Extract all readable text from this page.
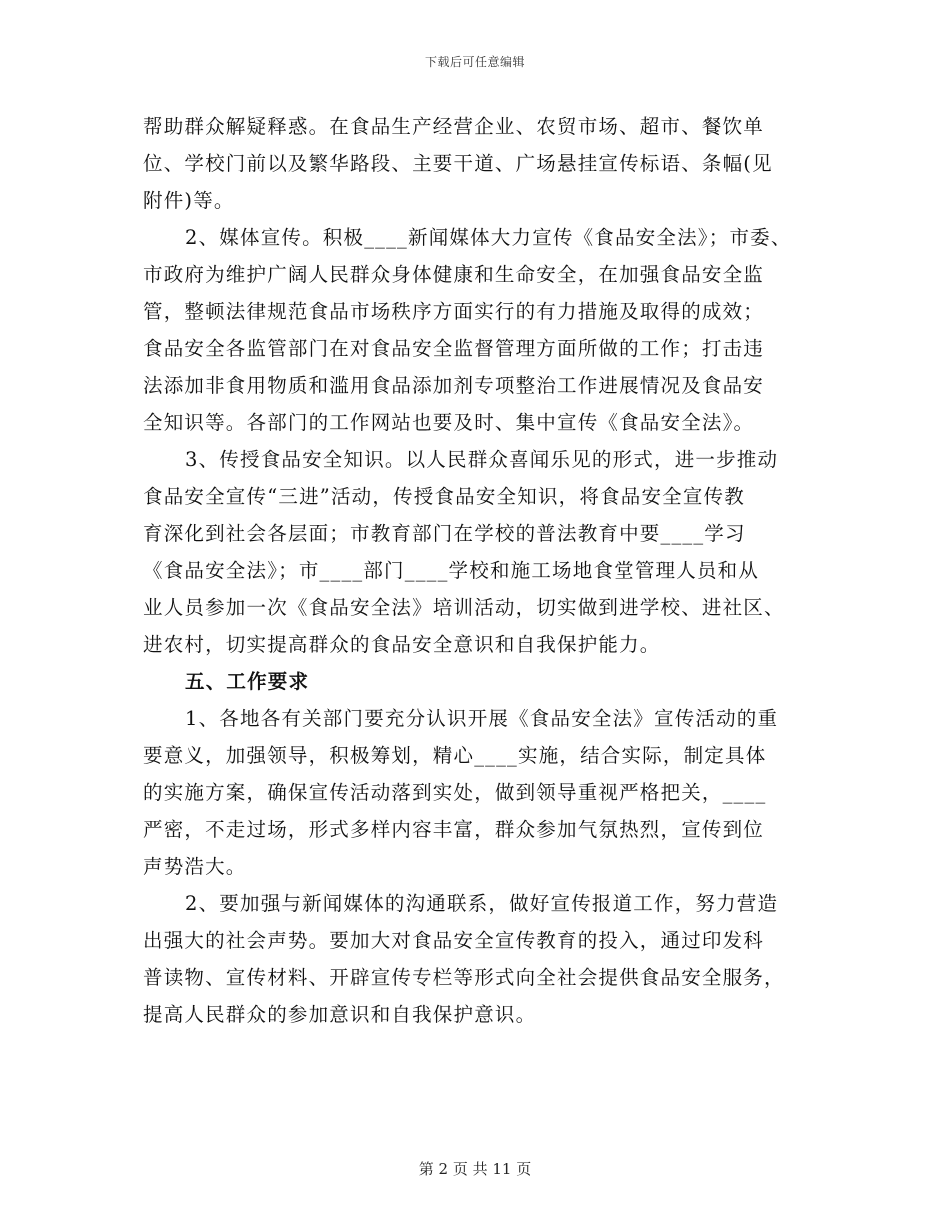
下载后可任意编辑
帮助群众解疑释惑。在食品生产经营企业、农贸市场、超市、餐饮单
位、学校门前以及繁华路段、主要干道、广场悬挂宣传标语、条幅(见
附件)等。
2、媒体宣传。积极____新闻媒体大力宣传《食品安全法》；市委、
市政府为维护广阔人民群众身体健康和生命安全，在加强食品安全监
管，整顿法律规范食品市场秩序方面实行的有力措施及取得的成效；
食品安全各监管部门在对食品安全监督管理方面所做的工作；打击违
法添加非食用物质和滥用食品添加剂专项整治工作进展情况及食品安
全知识等。各部门的工作网站也要及时、集中宣传《食品安全法》。
3、传授食品安全知识。以人民群众喜闻乐见的形式，进一步推动
食品安全宣传“三进”活动，传授食品安全知识，将食品安全宣传教
育深化到社会各层面；市教育部门在学校的普法教育中要____学习
《食品安全法》；市____部门____学校和施工场地食堂管理人员和从
业人员参加一次《食品安全法》培训活动，切实做到进学校、进社区、
进农村，切实提高群众的食品安全意识和自我保护能力。
五、工作要求
1、各地各有关部门要充分认识开展《食品安全法》宣传活动的重
要意义，加强领导，积极筹划，精心____实施，结合实际，制定具体
的实施方案，确保宣传活动落到实处，做到领导重视严格把关，____
严密，不走过场，形式多样内容丰富，群众参加气氛热烈，宣传到位
声势浩大。
2、要加强与新闻媒体的沟通联系，做好宣传报道工作，努力营造
出强大的社会声势。要加大对食品安全宣传教育的投入，通过印发科
普读物、宣传材料、开辟宣传专栏等形式向全社会提供食品安全服务，
提高人民群众的参加意识和自我保护意识。
第 2 页 共 11 页
